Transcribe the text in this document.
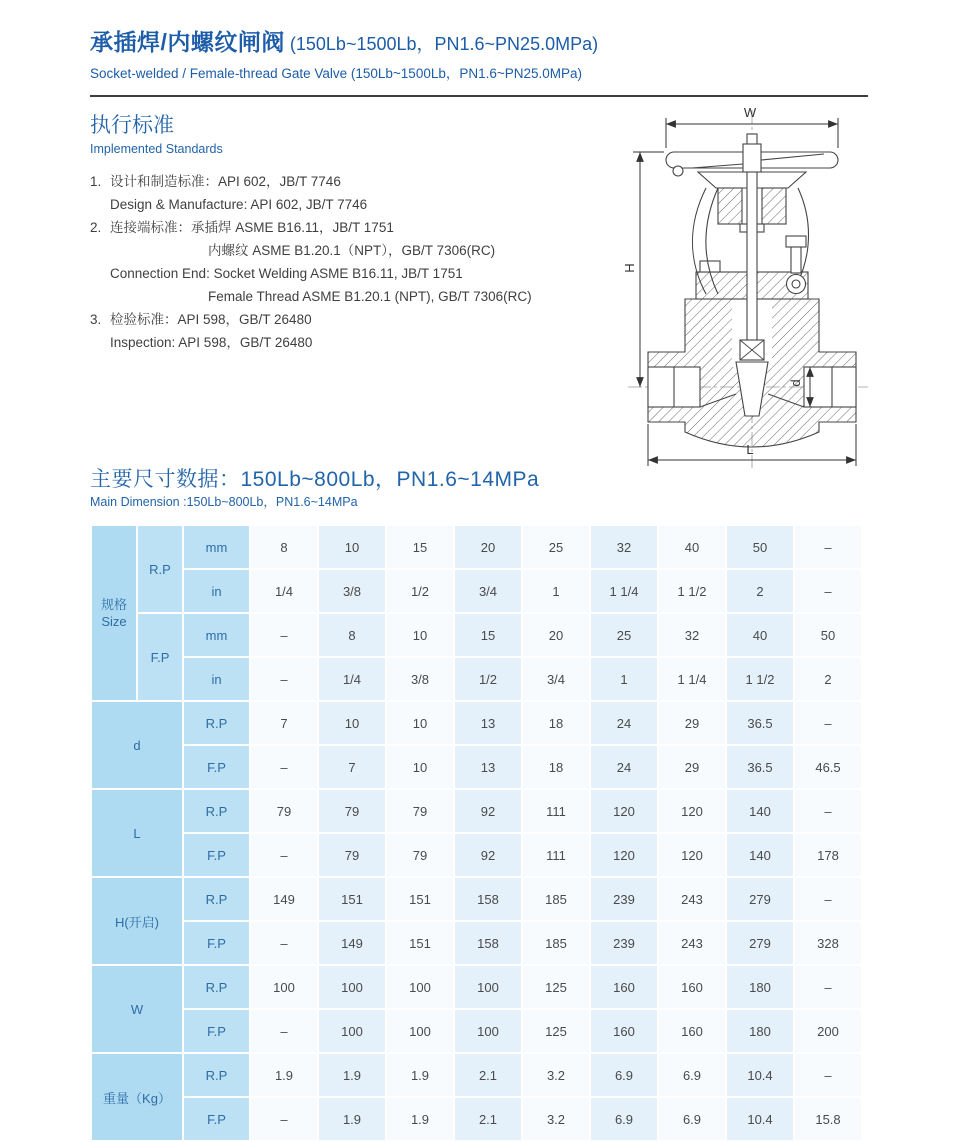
承插焊/内螺纹闸阀 (150Lb~1500Lb，PN1.6~PN25.0MPa)
Socket-welded / Female-thread Gate Valve (150Lb~1500Lb，PN1.6~PN25.0MPa)
执行标准
Implemented Standards
1. 设计和制造标准：API 602，JB/T 7746
Design & Manufacture: API 602, JB/T 7746
2. 连接端标准：承插焊 ASME B16.11，JB/T 1751
内螺纹 ASME B1.20.1（NPT），GB/T 7306(RC)
Connection End: Socket Welding ASME B16.11, JB/T 1751
Female Thread ASME B1.20.1 (NPT), GB/T 7306(RC)
3. 检验标准：API 598，GB/T 26480
Inspection: API 598，GB/T 26480
W
H
d
L
主要尺寸数据：150Lb~800Lb，PN1.6~14MPa
Main Dimension :150Lb~800Lb，PN1.6~14MPa
规格
Size	R.P	mm	8	10	15	20	25	32	40	50	–
		in	1/4	3/8	1/2	3/4	1	1 1/4	1 1/2	2	–
	F.P	mm	–	8	10	15	20	25	32	40	50
		in	–	1/4	3/8	1/2	3/4	1	1 1/4	1 1/2	2
d		R.P	7	10	10	13	18	24	29	36.5	–
		F.P	–	7	10	13	18	24	29	36.5	46.5
L		R.P	79	79	79	92	111	120	120	140	–
		F.P	–	79	79	92	111	120	120	140	178
H(开启)		R.P	149	151	151	158	185	239	243	279	–
		F.P	–	149	151	158	185	239	243	279	328
W		R.P	100	100	100	100	125	160	160	180	–
		F.P	–	100	100	100	125	160	160	180	200
重量（Kg）		R.P	1.9	1.9	1.9	2.1	3.2	6.9	6.9	10.4	–
		F.P	–	1.9	1.9	2.1	3.2	6.9	6.9	10.4	15.8
